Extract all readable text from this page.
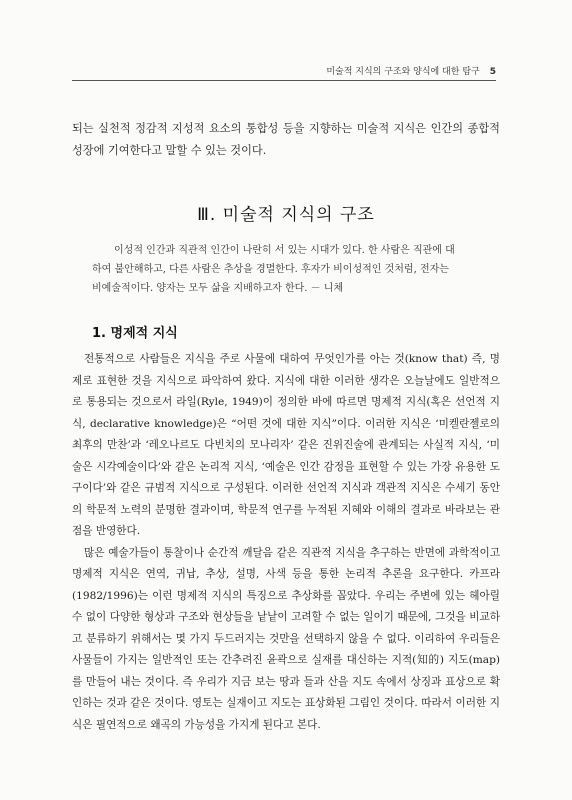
미술적 지식의 구조와 양식에 대한 탐구 5
되는 실천적 정감적 지성적 요소의 통합성 등을 지향하는 미술적 지식은 인간의 종합적 성장에 기여한다고 말할 수 있는 것이다.
Ⅲ. 미술적 지식의 구조
이성적 인간과 직관적 인간이 나란히 서 있는 시대가 있다. 한 사람은 직관에 대
하여 불안해하고, 다른 사람은 추상을 경멸한다. 후자가 비이성적인 것처럼, 전자는
비예술적이다. 양자는 모두 삶을 지배하고자 한다. － 니체
1. 명제적 지식

전통적으로 사람들은 지식을 주로 사물에 대하여 무엇인가를 아는 것(know that) 즉, 명제로 표현한 것을 지식으로 파악하여 왔다. 지식에 대한 이러한 생각은 오늘날에도 일반적으로 통용되는 것으로서 라일(Ryle, 1949)이 정의한 바에 따르면 명제적 지식(혹은 선언적 지식, declarative knowledge)은 “어떤 것에 대한 지식”이다. 이러한 지식은 ‘미켈란젤로의 최후의 만찬’과 ‘레오나르도 다빈치의 모나리자’ 같은 진위진술에 관계되는 사실적 지식, ‘미술은 시각예술이다’와 같은 논리적 지식, ‘예술은 인간 감정을 표현할 수 있는 가장 유용한 도구이다’와 같은 규범적 지식으로 구성된다. 이러한 선언적 지식과 객관적 지식은 수세기 동안의 학문적 노력의 분명한 결과이며, 학문적 연구를 누적된 지혜와 이해의 결과로 바라보는 관점을 반영한다.

많은 예술가들이 통찰이나 순간적 깨달음 같은 직관적 지식을 추구하는 반면에 과학적이고 명제적 지식은 연역, 귀납, 추상, 설명, 사색 등을 통한 논리적 추론을 요구한다. 카프라(1982/1996)는 이런 명제적 지식의 특징으로 추상화를 꼽았다. 우리는 주변에 있는 헤아릴 수 없이 다양한 형상과 구조와 현상들을 낱낱이 고려할 수 없는 일이기 때문에, 그것을 비교하고 분류하기 위해서는 몇 가지 두드러지는 것만을 선택하지 않을 수 없다. 이리하여 우리들은 사물들이 가지는 일반적인 또는 간추려진 윤곽으로 실재를 대신하는 지적(知的) 지도(map)를 만들어 내는 것이다. 즉 우리가 지금 보는 땅과 들과 산을 지도 속에서 상징과 표상으로 확인하는 것과 같은 것이다. 영토는 실재이고 지도는 표상화된 그림인 것이다. 따라서 이러한 지식은 필연적으로 왜곡의 가능성을 가지게 된다고 본다.
